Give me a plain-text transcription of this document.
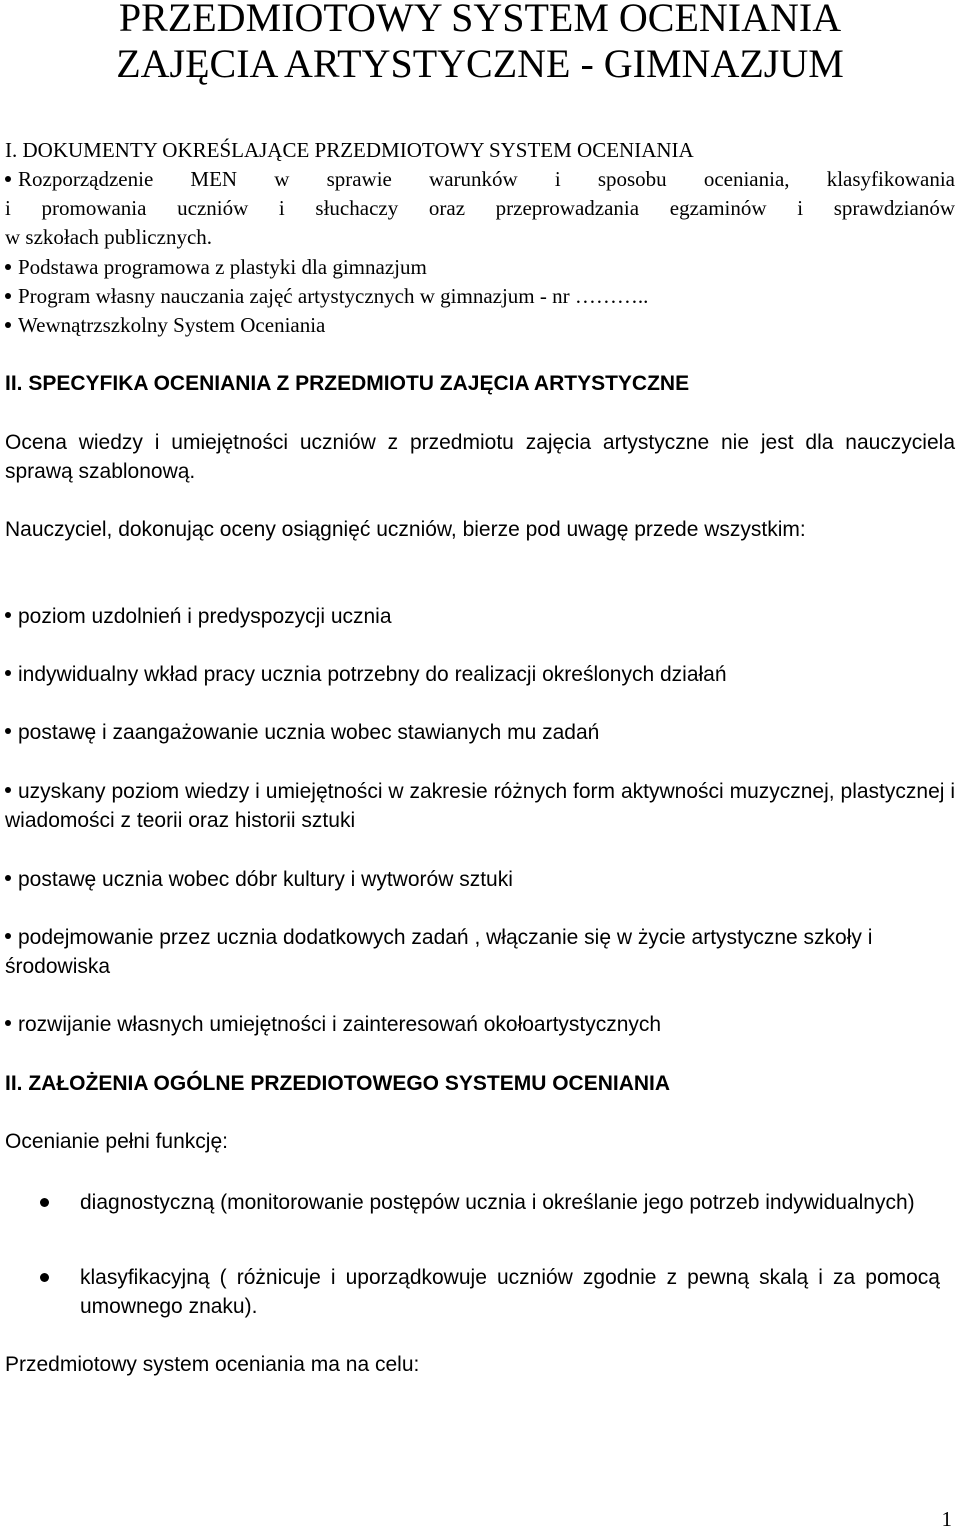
PRZEDMIOTOWY SYSTEM OCENIANIA
ZAJĘCIA ARTYSTYCZNE - GIMNAZJUM

I. DOKUMENTY OKREŚLAJĄCE PRZEDMIOTOWY SYSTEM OCENIANIA

Rozporządzenie MEN w sprawie warunków i sposobu oceniania, klasyfikowania
i promowania uczniów i słuchaczy oraz przeprowadzania egzaminów i sprawdzianów
w szkołach publicznych.
Podstawa programowa z plastyki dla gimnazjum
Program własny nauczania zajęć artystycznych w gimnazjum - nr ………..
Wewnątrzszkolny System Oceniania

II. SPECYFIKA OCENIANIA Z PRZEDMIOTU ZAJĘCIA ARTYSTYCZNE

Ocena wiedzy i umiejętności uczniów z przedmiotu zajęcia artystyczne nie jest dla nauczyciela sprawą szablonową.

Nauczyciel, dokonując oceny osiągnięć uczniów, bierze pod uwagę przede wszystkim:

poziom uzdolnień i predyspozycji ucznia
indywidualny wkład pracy ucznia potrzebny do realizacji określonych działań
postawę i zaangażowanie ucznia wobec stawianych mu zadań
uzyskany poziom wiedzy i umiejętności w zakresie różnych form aktywności muzycznej, plastycznej i wiadomości z teorii oraz historii sztuki
postawę ucznia wobec dóbr kultury i wytworów sztuki
podejmowanie przez ucznia dodatkowych zadań , włączanie się w życie artystyczne szkoły i środowiska
rozwijanie własnych umiejętności i zainteresowań okołoartystycznych

II. ZAŁOŻENIA OGÓLNE PRZEDIOTOWEGO SYSTEMU OCENIANIA

Ocenianie pełni funkcję:

diagnostyczną (monitorowanie postępów ucznia i określanie jego potrzeb indywidualnych)

klasyfikacyjną ( różnicuje i uporządkowuje uczniów zgodnie z pewną skalą i za pomocą umownego znaku).

Przedmiotowy system oceniania ma na celu:

1
